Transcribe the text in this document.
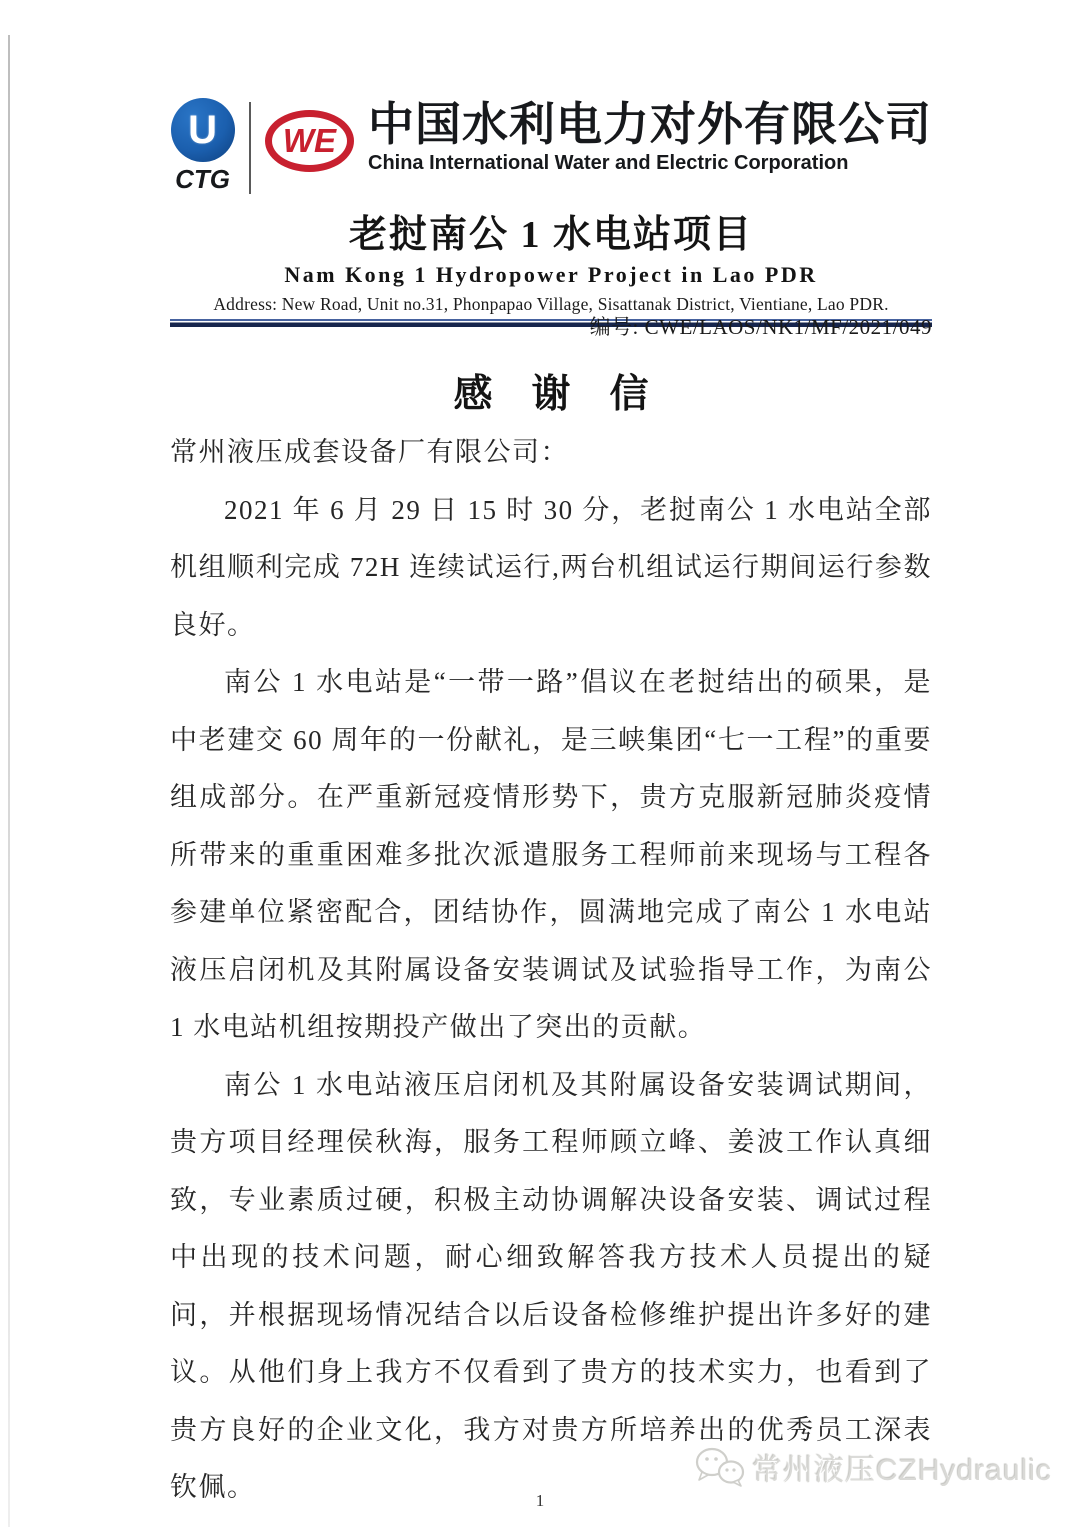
U
CTG
WE 中国水利电力对外有限公司
China International Water and Electric Corporation
老挝南公 1 水电站项目
Nam Kong 1 Hydropower Project in Lao PDR
Address: New Road, Unit no.31, Phonpapao Village, Sisattanak District, Vientiane, Lao PDR.
编号: CWE/LAOS/NK1/MF/2021/049
感　谢　信

常州液压成套设备厂有限公司：

2021 年 6 月 29 日 15 时 30 分，老挝南公 1 水电站全部机组顺利完成 72H 连续试运行,两台机组试运行期间运行参数良好。

南公 1 水电站是“一带一路”倡议在老挝结出的硕果，是中老建交 60 周年的一份献礼，是三峡集团“七一工程”的重要组成部分。在严重新冠疫情形势下，贵方克服新冠肺炎疫情所带来的重重困难多批次派遣服务工程师前来现场与工程各参建单位紧密配合，团结协作，圆满地完成了南公 1 水电站液压启闭机及其附属设备安装调试及试验指导工作，为南公 1 水电站机组按期投产做出了突出的贡献。

南公 1 水电站液压启闭机及其附属设备安装调试期间，贵方项目经理侯秋海，服务工程师顾立峰、姜波工作认真细致，专业素质过硬，积极主动协调解决设备安装、调试过程中出现的技术问题，耐心细致解答我方技术人员提出的疑问，并根据现场情况结合以后设备检修维护提出许多好的建议。从他们身上我方不仅看到了贵方的技术实力，也看到了贵方良好的企业文化，我方对贵方所培养出的优秀员工深表钦佩。	常州液压CZHydraulic
1
